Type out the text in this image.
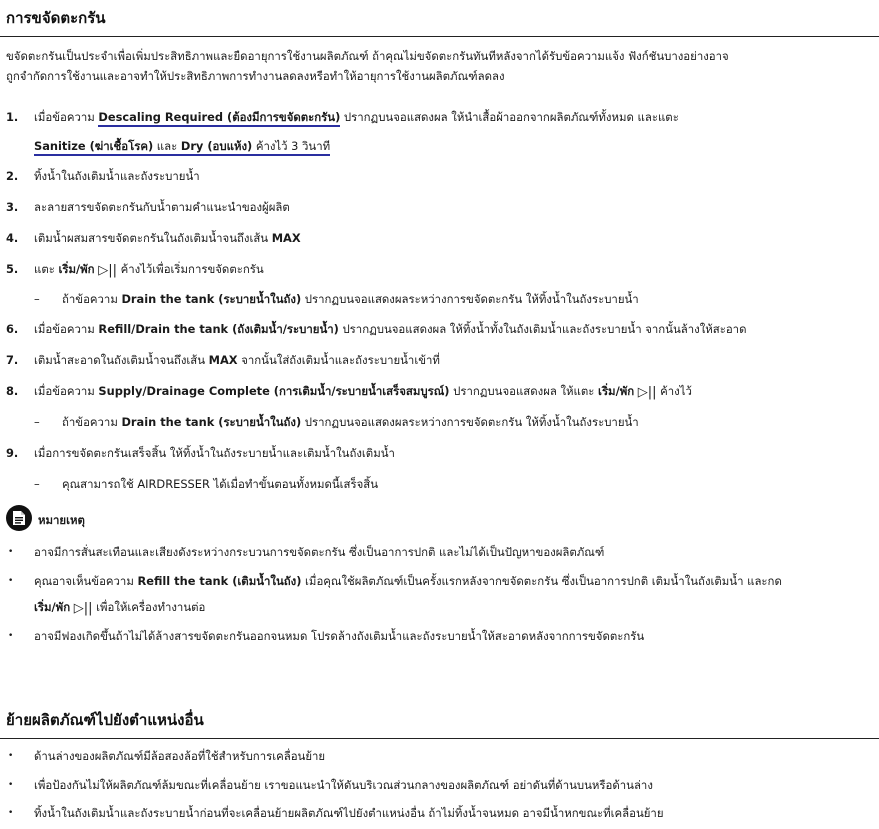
การขจัดตะกรัน
ขจัดตะกรันเป็นประจำเพื่อเพิ่มประสิทธิภาพและยืดอายุการใช้งานผลิตภัณฑ์ ถ้าคุณไม่ขจัดตะกรันทันทีหลังจากได้รับข้อความแจ้ง ฟังก์ชันบางอย่างอาจ
ถูกจำกัดการใช้งานและอาจทำให้ประสิทธิภาพการทำงานลดลงหรือทำให้อายุการใช้งานผลิตภัณฑ์ลดลง
1. เมื่อข้อความ Descaling Required (ต้องมีการขจัดตะกรัน) ปรากฏบนจอแสดงผล ให้นำเสื้อผ้าออกจากผลิตภัณฑ์ทั้งหมด และแตะ
Sanitize (ฆ่าเชื้อโรค) และ Dry (อบแห้ง) ค้างไว้ 3 วินาที
2. ทิ้งน้ำในถังเติมน้ำและถังระบายน้ำ
3. ละลายสารขจัดตะกรันกับน้ำตามคำแนะนำของผู้ผลิต
4. เติมน้ำผสมสารขจัดตะกรันในถังเติมน้ำจนถึงเส้น MAX
5. แตะ เริ่ม/พัก ▷|| ค้างไว้เพื่อเริ่มการขจัดตะกรัน
– ถ้าข้อความ Drain the tank (ระบายน้ำในถัง) ปรากฏบนจอแสดงผลระหว่างการขจัดตะกรัน ให้ทิ้งน้ำในถังระบายน้ำ
6. เมื่อข้อความ Refill/Drain the tank (ถังเติมน้ำ/ระบายน้ำ) ปรากฏบนจอแสดงผล ให้ทิ้งน้ำทั้งในถังเติมน้ำและถังระบายน้ำ จากนั้นล้างให้สะอาด
7. เติมน้ำสะอาดในถังเติมน้ำจนถึงเส้น MAX จากนั้นใส่ถังเติมน้ำและถังระบายน้ำเข้าที่
8. เมื่อข้อความ Supply/Drainage Complete (การเติมน้ำ/ระบายน้ำเสร็จสมบูรณ์) ปรากฏบนจอแสดงผล ให้แตะ เริ่ม/พัก ▷|| ค้างไว้
– ถ้าข้อความ Drain the tank (ระบายน้ำในถัง) ปรากฏบนจอแสดงผลระหว่างการขจัดตะกรัน ให้ทิ้งน้ำในถังระบายน้ำ
9. เมื่อการขจัดตะกรันเสร็จสิ้น ให้ทิ้งน้ำในถังระบายน้ำและเติมน้ำในถังเติมน้ำ
– คุณสามารถใช้ AIRDRESSER ได้เมื่อทำขั้นตอนทั้งหมดนี้เสร็จสิ้น
หมายเหตุ
• อาจมีการสั่นสะเทือนและเสียงดังระหว่างกระบวนการขจัดตะกรัน ซึ่งเป็นอาการปกติ และไม่ได้เป็นปัญหาของผลิตภัณฑ์
• คุณอาจเห็นข้อความ Refill the tank (เติมน้ำในถัง) เมื่อคุณใช้ผลิตภัณฑ์เป็นครั้งแรกหลังจากขจัดตะกรัน ซึ่งเป็นอาการปกติ เติมน้ำในถังเติมน้ำ และกด
เริ่ม/พัก ▷|| เพื่อให้เครื่องทำงานต่อ
• อาจมีฟองเกิดขึ้นถ้าไม่ได้ล้างสารขจัดตะกรันออกจนหมด โปรดล้างถังเติมน้ำและถังระบายน้ำให้สะอาดหลังจากการขจัดตะกรัน
ย้ายผลิตภัณฑ์ไปยังตำแหน่งอื่น
• ด้านล่างของผลิตภัณฑ์มีล้อสองล้อที่ใช้สำหรับการเคลื่อนย้าย
• เพื่อป้องกันไม่ให้ผลิตภัณฑ์ล้มขณะที่เคลื่อนย้าย เราขอแนะนำให้ดันบริเวณส่วนกลางของผลิตภัณฑ์ อย่าดันที่ด้านบนหรือด้านล่าง
• ทิ้งน้ำในถังเติมน้ำและถังระบายน้ำก่อนที่จะเคลื่อนย้ายผลิตภัณฑ์ไปยังตำแหน่งอื่น ถ้าไม่ทิ้งน้ำจนหมด อาจมีน้ำหกขณะที่เคลื่อนย้าย
